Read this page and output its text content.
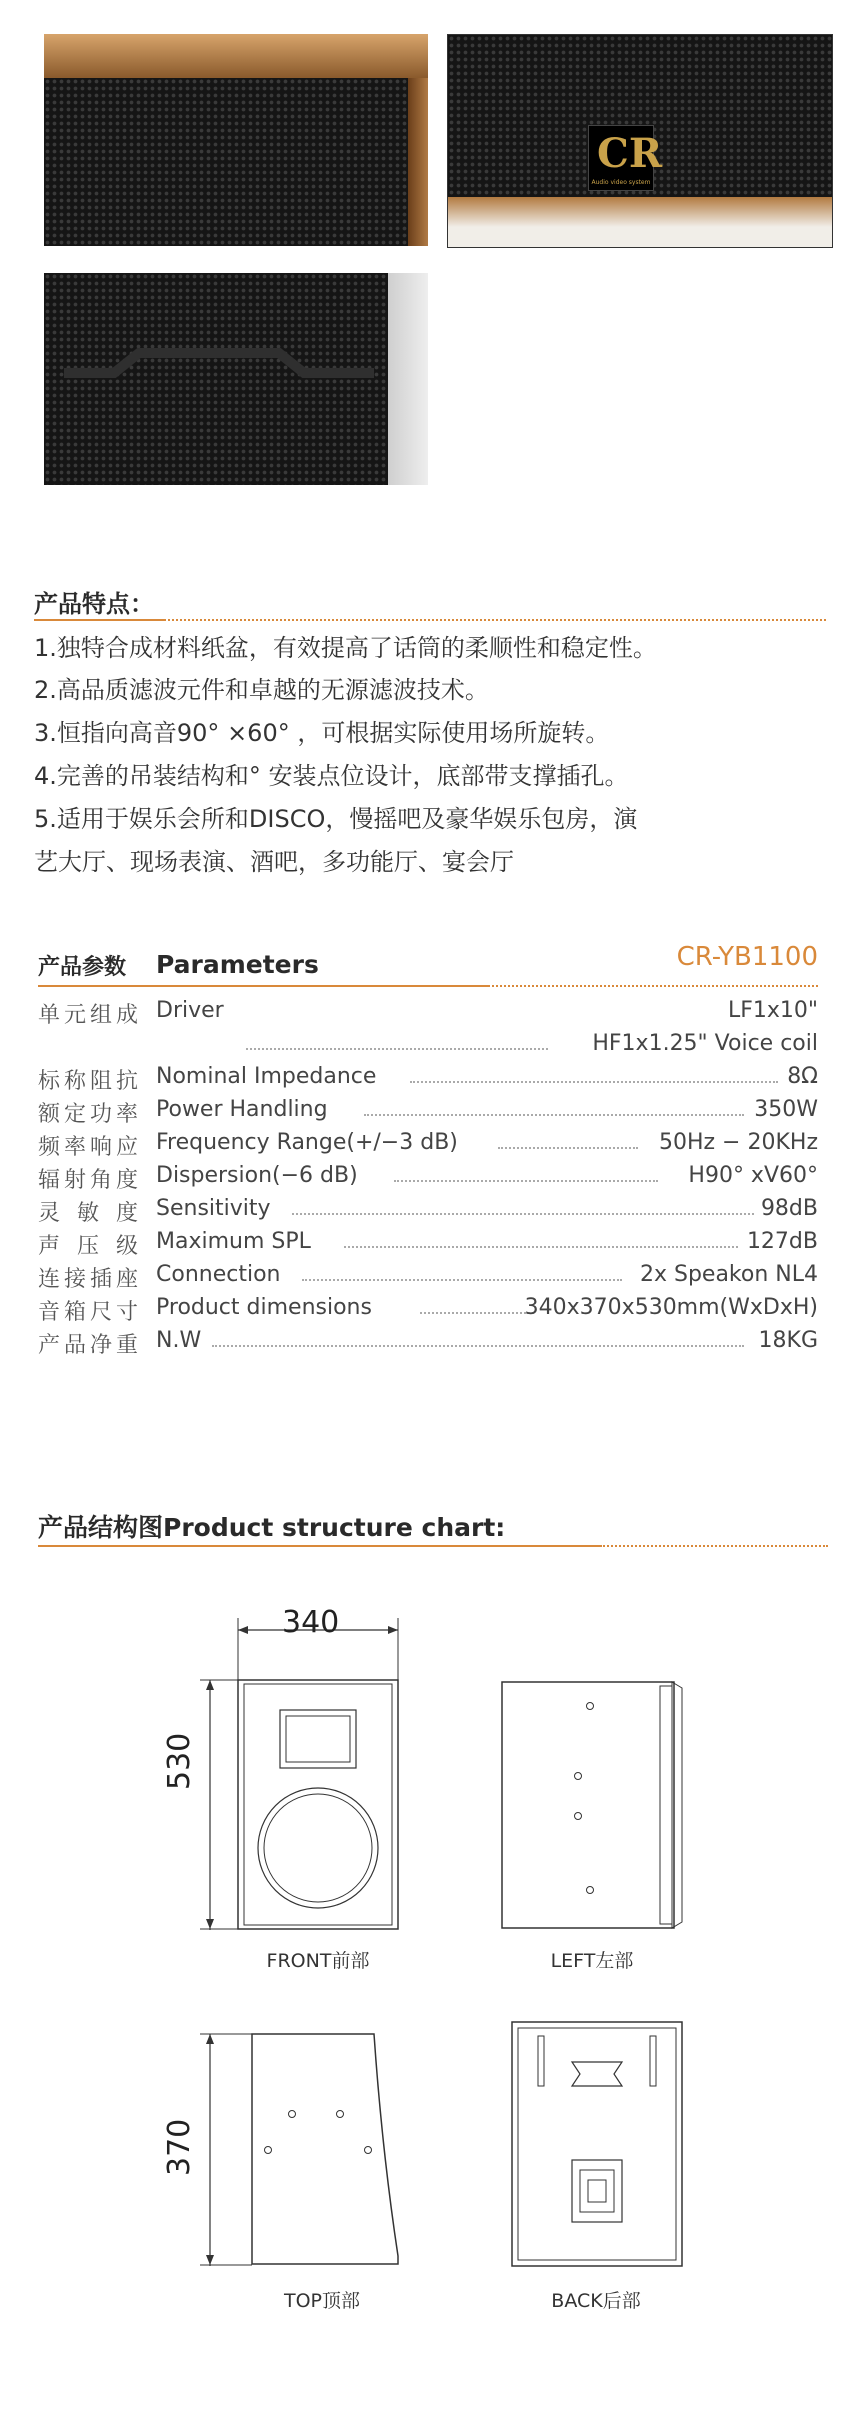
CR
Audio video system
产品特点：
1.独特合成材料纸盆，有效提高了话筒的柔顺性和稳定性。
2.高品质滤波元件和卓越的无源滤波技术。
3.恒指向高音90° ×60° ，可根据实际使用场所旋转。
4.完善的吊装结构和° 安装点位设计，底部带支撑插孔。
5.适用于娱乐会所和DISCO，慢摇吧及豪华娱乐包房，演
艺大厅、现场表演、酒吧，多功能厅、宴会厅
产品参数 Parameters	CR-YB1100
单元组成 Driver	LF1x10"
HF1x1.25" Voice coil
标称阻抗 Nominal Impedance	8Ω
额定功率 Power Handling	350W
频率响应 Frequency Range(+/−3 dB)	50Hz − 20KHz
辐射角度 Dispersion(−6 dB)	H90° xV60°
灵敏度 Sensitivity	98dB
声压级 Maximum SPL	127dB
连接插座 Connection	2x Speakon NL4
音箱尺寸 Product dimensions	340x370x530mm(WxDxH)
产品净重 N.W	18KG
产品结构图Product structure chart:
340
530
FRONT前部	LEFT左部
370
TOP顶部	BACK后部
